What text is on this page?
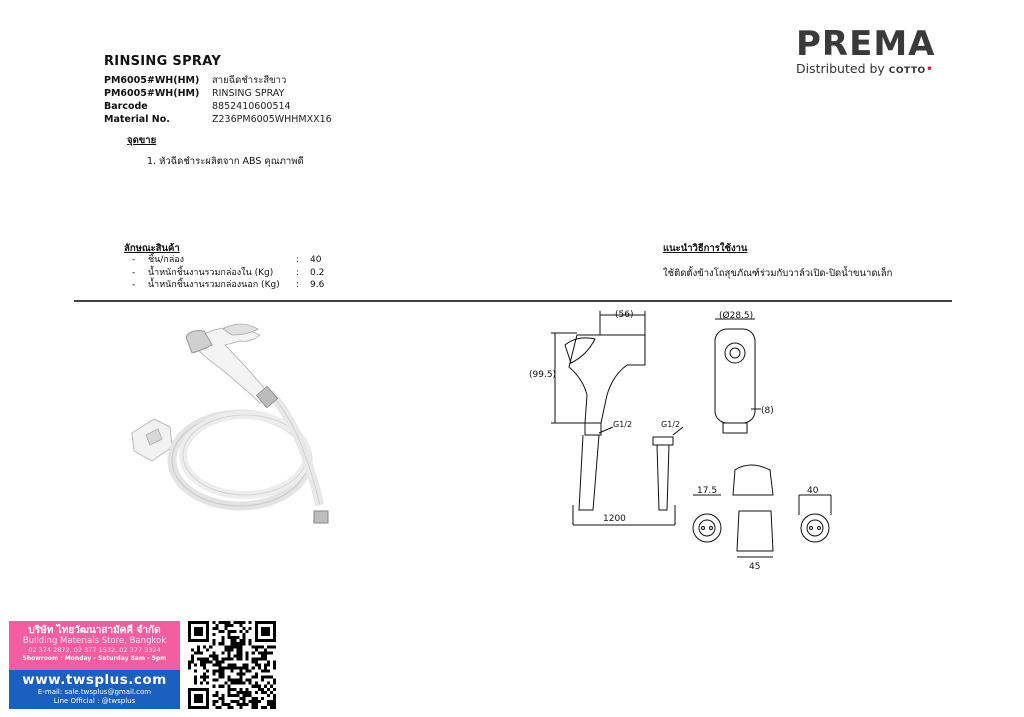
RINSING SPRAY
PM6005#WH(HM)	สายฉีดชำระสีขาว
PM6005#WH(HM)	RINSING SPRAY
Barcode	8852410600514
Material No.	Z236PM6005WHHMXX16
จุดขาย
1. หัวฉีดชำระผลิตจาก ABS คุณภาพดี
ลักษณะสินค้า
-	ชิ้น/กล่อง	:	40
-	น้ำหนักชิ้นงานรวมกล่องใน (Kg)	:	0.2
-	น้ำหนักชิ้นงานรวมกล่องนอก (Kg)	:	9.6
แนะนำวิธีการใช้งาน
ใช้ติดตั้งข้างโถสุขภัณฑ์ร่วมกับวาล์วเปิด-ปิดน้ำขนาดเล็ก
PREMA
Distributed by COTTO•
(56)
(99.5)
(Ø28.5)
(8)
G1/2	G1/2
1200
17.5	40
45
บริษัท ไทยวัฒนาสามัคคี จำกัด
Building Materials Store, Bangkok
02 374 2872, 02 377 1532, 02 377 3324
Showroom : Monday - Saturday 8am - 5pm
www.twsplus.com
E-mail: sale.twsplus@gmail.com
Line Official : @twsplus
